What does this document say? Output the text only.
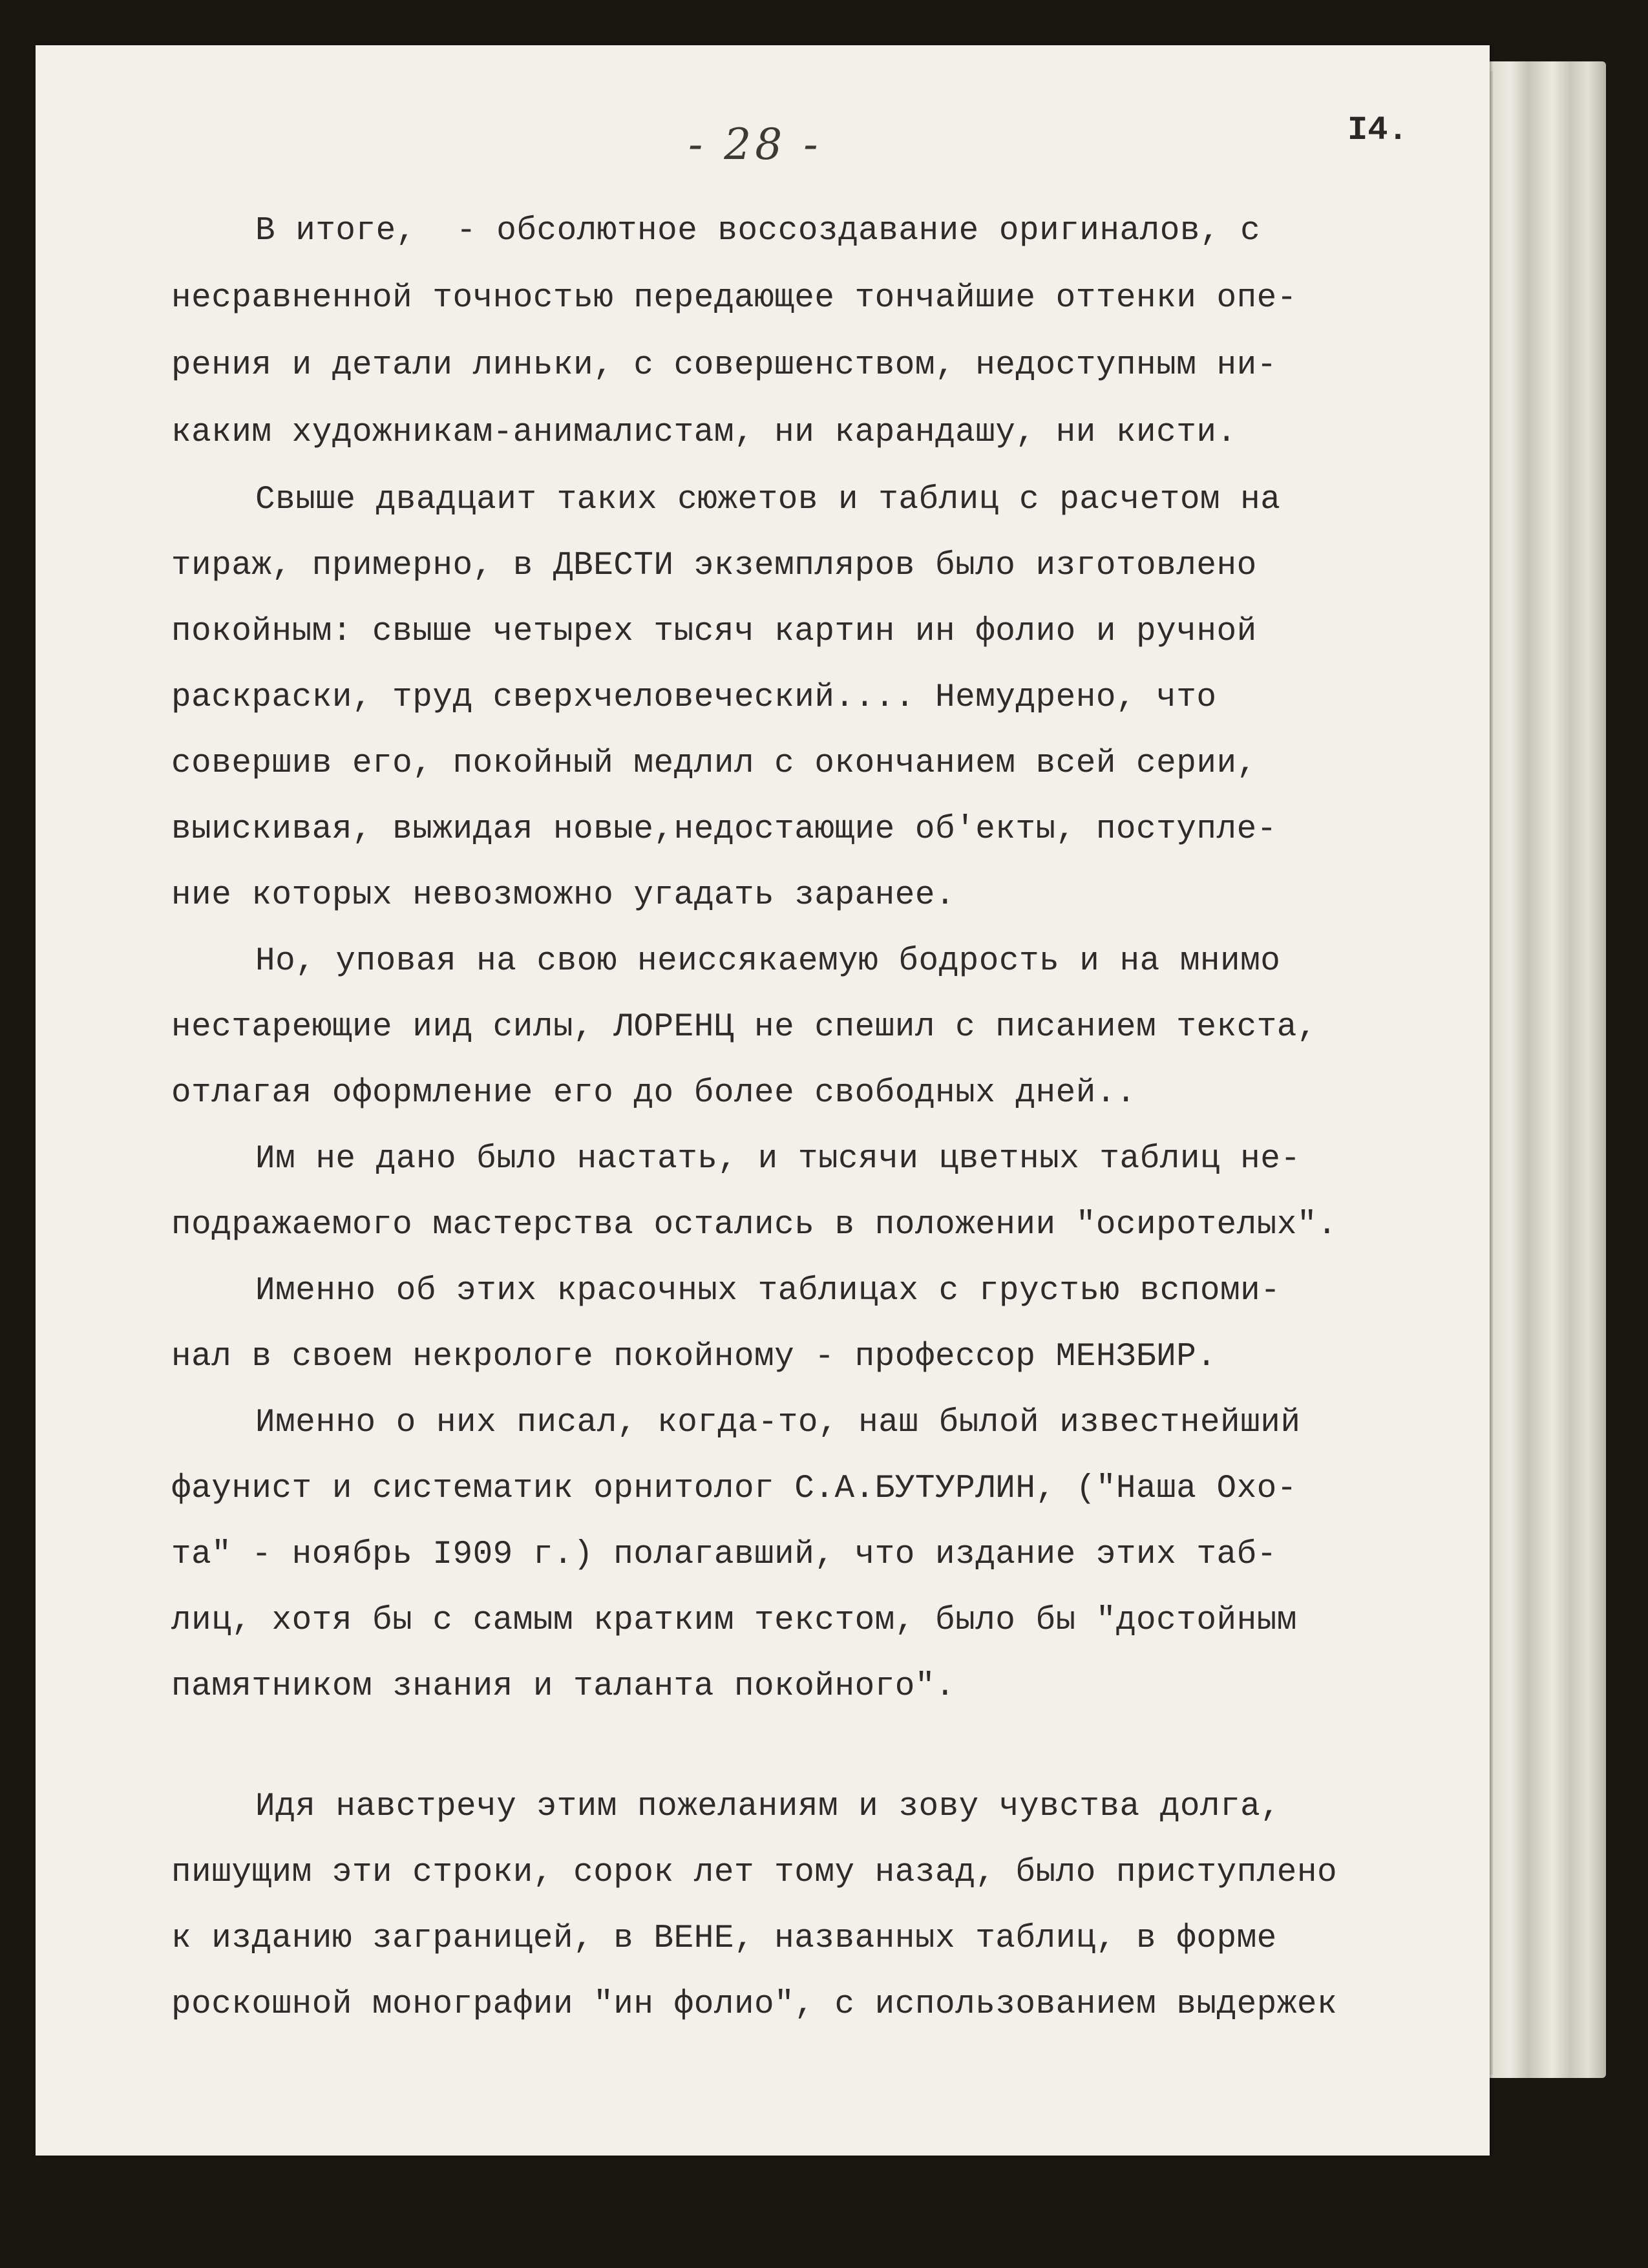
- 28 -	I4.
В итоге,  - обсолютное воссоздавание оригиналов, с
несравненной точностью передающее тончайшие оттенки опе-
рения и детали линьки, с совершенством, недоступным ни-
каким художникам-анималистам, ни карандашу, ни кисти.
Свыше двадцаит таких сюжетов и таблиц с расчетом на
тираж, примерно, в ДВЕСТИ экземпляров было изготовлено
покойным: свыше четырех тысяч картин ин фолио и ручной
раскраски, труд сверхчеловеческий.... Немудрено, что
совершив его, покойный медлил с окончанием всей серии,
выискивая, выжидая новые,недостающие об'екты, поступле-
ние которых невозможно угадать заранее.
Но, уповая на свою неиссякаемую бодрость и на мнимо
нестареющие иид силы, ЛОРЕНЦ не спешил с писанием текста,
отлагая оформление его до более свободных дней..
Им не дано было настать, и тысячи цветных таблиц не-
подражаемого мастерства остались в положении "осиротелых".
Именно об этих красочных таблицах с грустью вспоми-
нал в своем некрологе покойному - профессор МЕНЗБИР.
Именно о них писал, когда-то, наш былой известнейший
фаунист и систематик орнитолог С.А.БУТУРЛИН, ("Наша Охо-
та" - ноябрь I909 г.) полагавший, что издание этих таб-
лиц, хотя бы с самым кратким текстом, было бы "достойным
памятником знания и таланта покойного".
Идя навстречу этим пожеланиям и зову чувства долга,
пишущим эти строки, сорок лет тому назад, было приступлено
к изданию заграницей, в ВЕНЕ, названных таблиц, в форме
роскошной монографии "ин фолио", с использованием выдержек
